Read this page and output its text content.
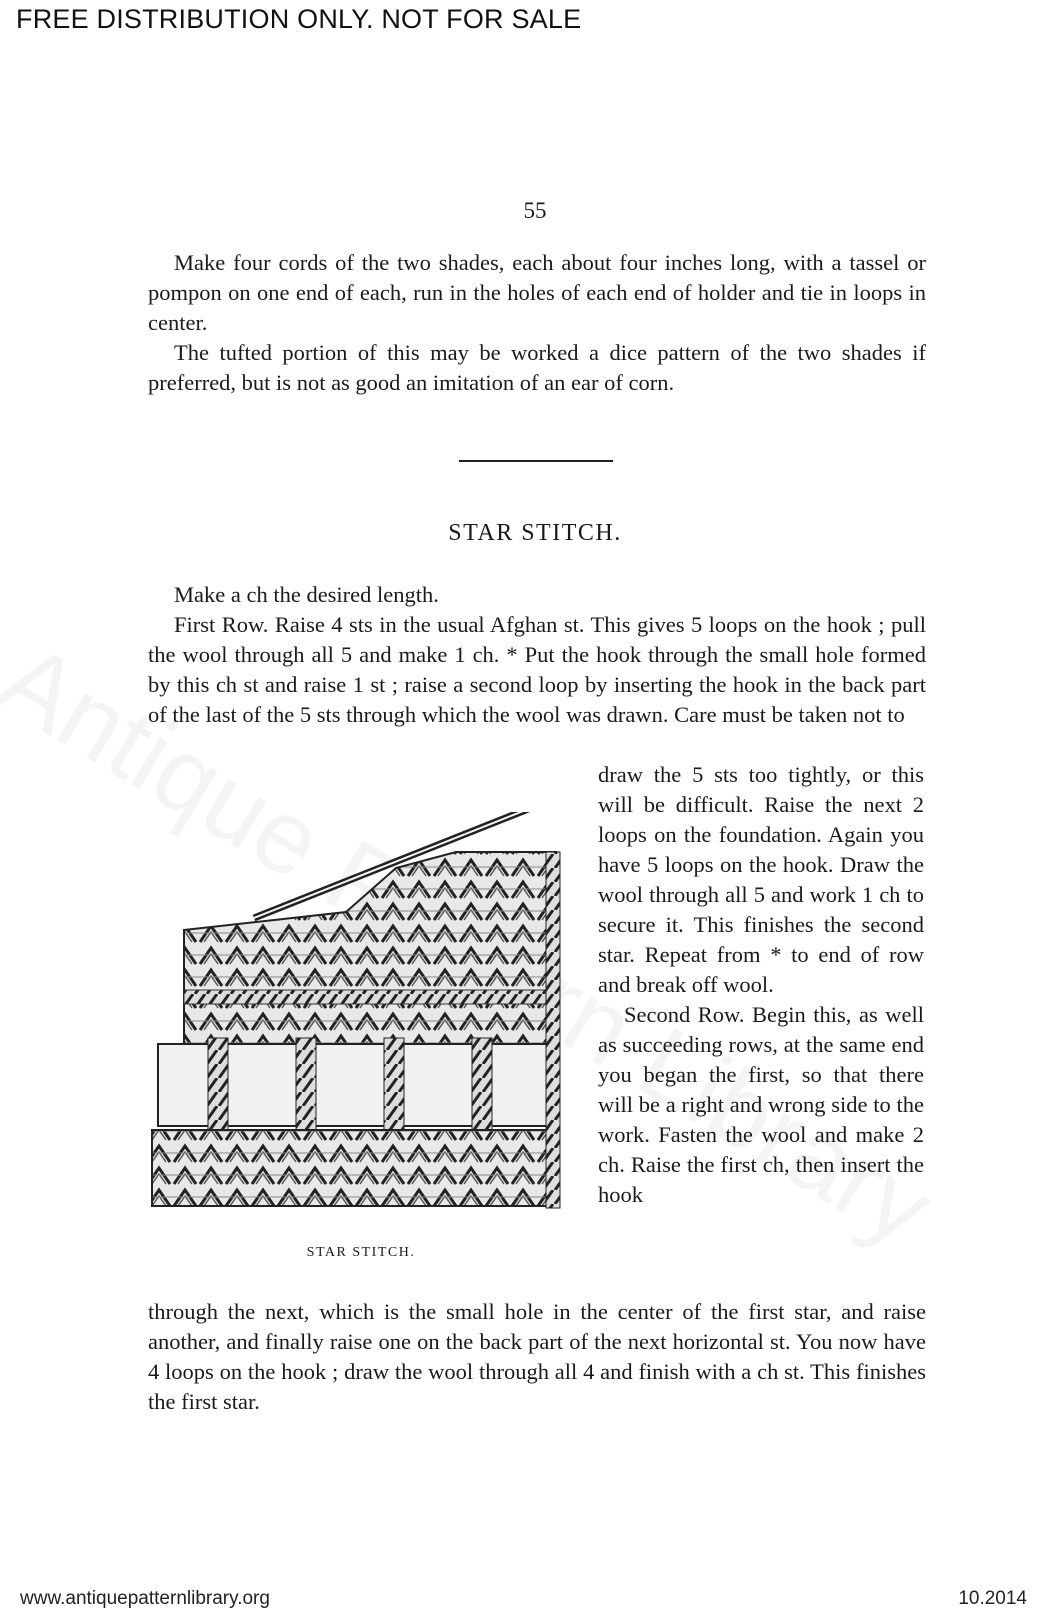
FREE DISTRIBUTION ONLY. NOT FOR SALE
55

Make four cords of the two shades, each about four inches long, with a tassel or pompon on one end of each, run in the holes of each end of holder and tie in loops in center.

The tufted portion of this may be worked a dice pattern of the two shades if preferred, but is not as good an imitation of an ear of corn.

STAR STITCH.

Make a ch the desired length.

First Row. Raise 4 sts in the usual Afghan st. This gives 5 loops on the hook ; pull the wool through all 5 and make 1 ch. * Put the hook through the small hole formed by this ch st and raise 1 st ; raise a second loop by inserting the hook in the back part of the last of the 5 sts through which the wool was drawn. Care must be taken not to

draw the 5 sts too tightly, or this will be difficult. Raise the next 2 loops on the foundation. Again you have 5 loops on the hook. Draw the wool through all 5 and work 1 ch to secure it. This finishes the second star. Repeat from * to end of row and break off wool.

Second Row. Begin this, as well as succeeding rows, at the same end you began the first, so that there will be a right and wrong side to the work. Fasten the wool and make 2 ch. Raise the first ch, then insert the hook

STAR STITCH.

through the next, which is the small hole in the center of the first star, and raise another, and finally raise one on the back part of the next horizontal st. You now have 4 loops on the hook ; draw the wool through all 4 and finish with a ch st. This finishes the first star.

www.antiquepatternlibrary.org	10.2014
